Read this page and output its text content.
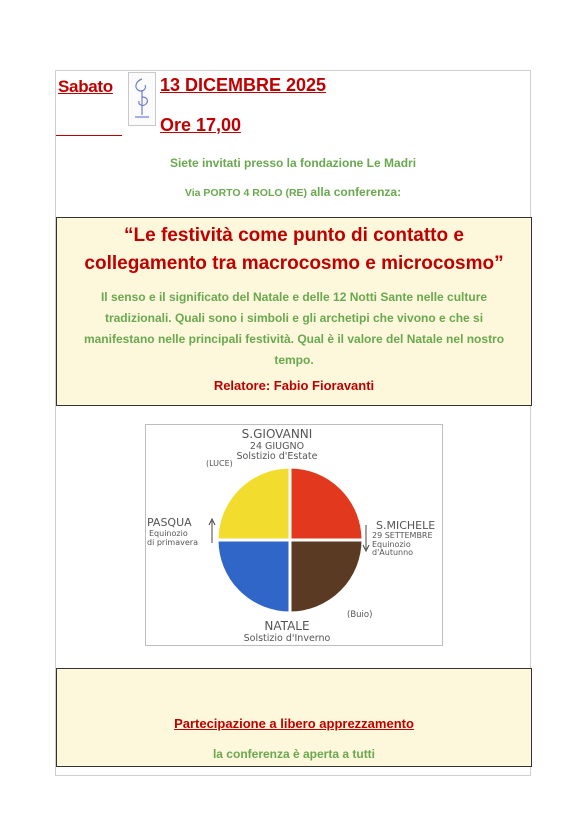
Sabato	13 DICEMBRE 2025
Ore 17,00
Siete invitati presso la fondazione Le Madri
Via PORTO 4 ROLO (RE) alla conferenza:
“Le festività come punto di contatto e
collegamento tra macrocosmo e microcosmo”
Il senso e il significato del Natale e delle 12 Notti Sante nelle culture tradizionali. Quali sono i simboli e gli archetipi che vivono e che si manifestano nelle principali festività. Qual è il valore del Natale nel nostro tempo.
Relatore: Fabio Fioravanti
S.GIOVANNI
24 GIUGNO
Solstizio d'Estate
(LUCE)
PASQUA
Equinozio
di primavera
S.MICHELE
29 SETTEMBRE
Equinozio
d'Autunno
(Buio)
NATALE
Solstizio d'Inverno
Partecipazione a libero apprezzamento
la conferenza è aperta a tutti
